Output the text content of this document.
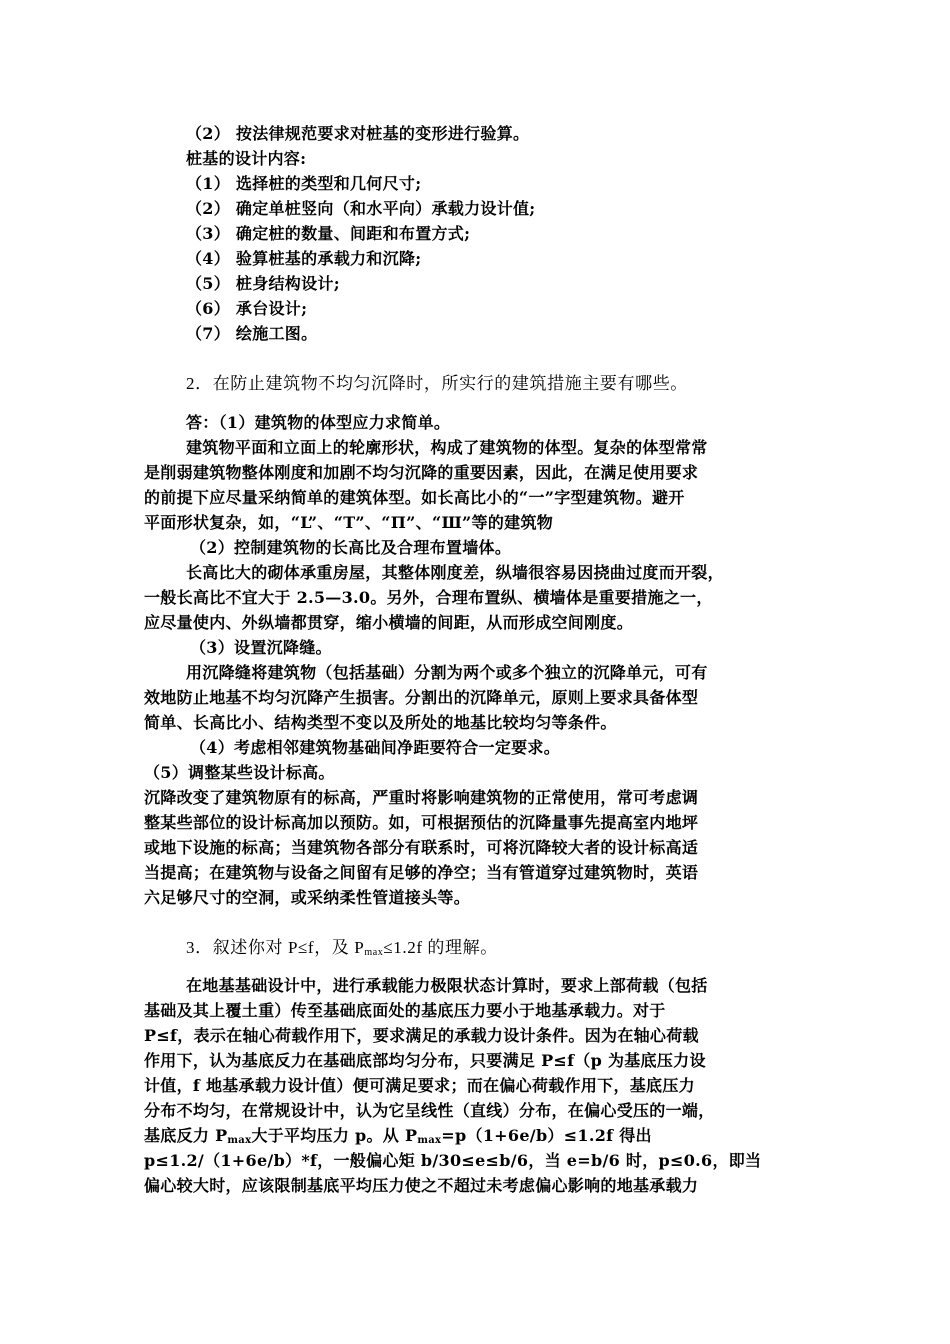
（2） 按法律规范要求对桩基的变形进行验算。
桩基的设计内容:
（1） 选择桩的类型和几何尺寸;
（2） 确定单桩竖向（和水平向）承载力设计值;
（3） 确定桩的数量、间距和布置方式;
（4） 验算桩基的承载力和沉降;
（5） 桩身结构设计;
（6） 承台设计;
（7） 绘施工图。
2．在防止建筑物不均匀沉降时，所实行的建筑措施主要有哪些。
答：（1）建筑物的体型应力求简单。
建筑物平面和立面上的轮廓形状，构成了建筑物的体型。复杂的体型常常
是削弱建筑物整体刚度和加剧不均匀沉降的重要因素，因此，在满足使用要求
的前提下应尽量采纳简单的建筑体型。如长高比小的“一”字型建筑物。避开
平面形状复杂，如，“L”、“T”、“Π”、“Ш”等的建筑物
（2）控制建筑物的长高比及合理布置墙体。
长高比大的砌体承重房屋，其整体刚度差，纵墙很容易因挠曲过度而开裂，
一般长高比不宜大于 2.5—3.0。另外，合理布置纵、横墙体是重要措施之一，
应尽量使内、外纵墙都贯穿，缩小横墙的间距，从而形成空间刚度。
（3）设置沉降缝。
用沉降缝将建筑物（包括基础）分割为两个或多个独立的沉降单元，可有
效地防止地基不均匀沉降产生损害。分割出的沉降单元，原则上要求具备体型
简单、长高比小、结构类型不变以及所处的地基比较均匀等条件。
（4）考虑相邻建筑物基础间净距要符合一定要求。
（5）调整某些设计标高。
沉降改变了建筑物原有的标高，严重时将影响建筑物的正常使用，常可考虑调
整某些部位的设计标高加以预防。如，可根据预估的沉降量事先提高室内地坪
或地下设施的标高；当建筑物各部分有联系时，可将沉降较大者的设计标高适
当提高；在建筑物与设备之间留有足够的净空；当有管道穿过建筑物时，英语
六足够尺寸的空洞，或采纳柔性管道接头等。
3．叙述你对 P≤f，及 $P_{max}\le 1.2f$ 的理解。
在地基基础设计中，进行承载能力极限状态计算时，要求上部荷载（包括
基础及其上覆土重）传至基础底面处的基底压力要小于地基承载力。对于
P≤f，表示在轴心荷载作用下，要求满足的承载力设计条件。因为在轴心荷载
作用下，认为基底反力在基础底部均匀分布，只要满足 P≤f（p 为基底压力设
计值，f 地基承载力设计值）便可满足要求；而在偏心荷载作用下，基底压力
分布不均匀，在常规设计中，认为它呈线性（直线）分布，在偏心受压的一端，
基底反力 $P_{max}$大于平均压力 p。从 $P_{max}=p(1+6e/b)\le 1.2f$ 得出
p≤1.2/（1+6e/b）*f，一般偏心矩 b/30≤e≤b/6，当 e=b/6 时，p≤0.6，即当
偏心较大时，应该限制基底平均压力使之不超过未考虑偏心影响的地基承载力
